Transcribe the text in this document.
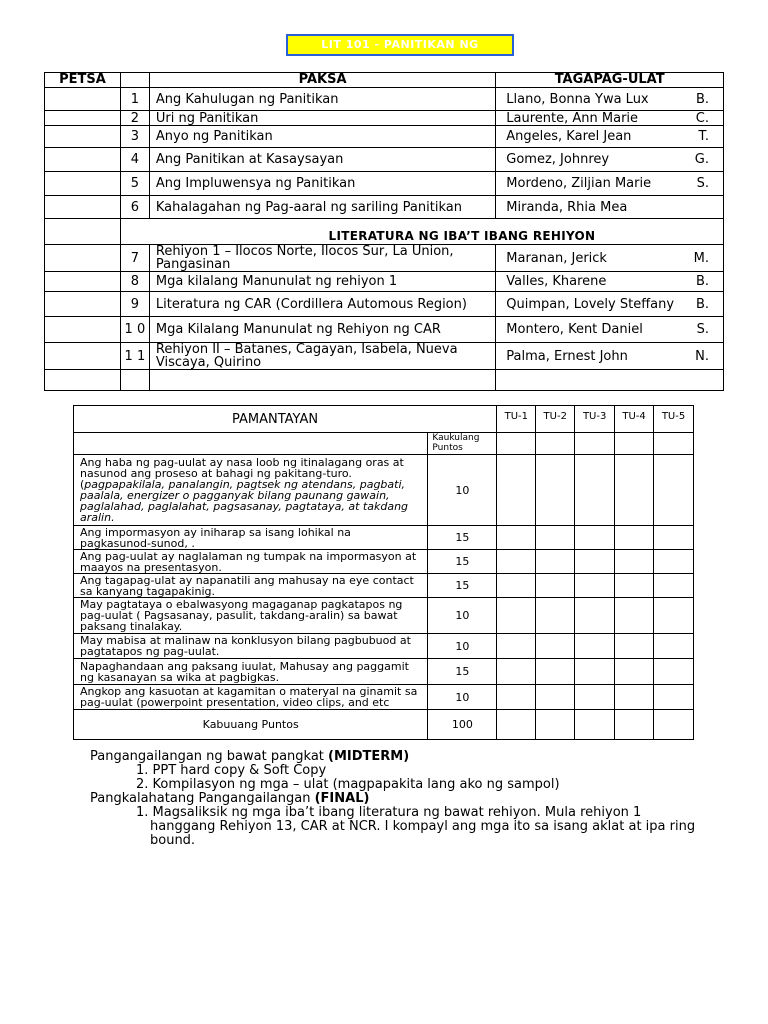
LIT 101 - PANITIKAN NG
PETSA		PAKSA	TAGAPAG-ULAT
	1	Ang Kahulugan ng Panitikan	Llano, Bonna Ywa Lux B.

	2	Uri ng Panitikan	Laurente, Ann Marie C.

	3	Anyo ng Panitikan	Angeles, Karel Jean T.

	4	Ang Panitikan at Kasaysayan	Gomez, Johnrey G.

	5	Ang Impluwensya ng Panitikan	Mordeno, Ziljian Marie S.

	6	Kahalagahan ng Pag-aaral ng sariling Panitikan	Miranda, Rhia Mea

	LITERATURA NG IBA’T IBANG REHIYON		
	7	Rehiyon 1 – Ilocos Norte, Ilocos Sur, La Union, Pangasinan	Maranan, Jerick M.

	8	Mga kilalang Manunulat ng rehiyon 1	Valles, Kharene B.

	9	Literatura ng CAR (Cordillera Automous Region)	Quimpan, Lovely Steffany B.

	1 0	Mga Kilalang Manunulat ng Rehiyon ng CAR	Montero, Kent Daniel S.

	1 1	Rehiyon II – Batanes, Cagayan, Isabela, Nueva Viscaya, Quirino	Palma, Ernest John N.

PAMANTAYAN		TU-1	TU-2	TU-3	TU-4	TU-5
	Kaukulang Puntos					
Ang haba ng pag-uulat ay nasa loob ng itinalagang oras at nasunod ang proseso at bahagi ng pakitang-turo. (pagpapakilala, panalangin, pagtsek ng atendans, pagbati, paalala, energizer o pagganyak bilang paunang gawain, paglalahad, paglalahat, pagsasanay, pagtataya, at takdang aralin.	10					
Ang impormasyon ay iniharap sa isang lohikal na pagkasunod-sunod, .	15					
Ang pag-uulat ay naglalaman ng tumpak na impormasyon at maayos na presentasyon.	15					
Ang tagapag-ulat ay napanatili ang mahusay na eye contact sa kanyang tagapakinig.	15					
May pagtataya o ebalwasyong magaganap pagkatapos ng pag-uulat ( Pagsasanay, pasulit, takdang-aralin) sa bawat paksang tinalakay.	10					
May mabisa at malinaw na konklusyon bilang pagbubuod at pagtatapos ng pag-uulat.	10					
Napaghandaan ang paksang iuulat, Mahusay ang paggamit ng kasanayan sa wika at pagbigkas.	15					
Angkop ang kasuotan at kagamitan o materyal na ginamit sa pag-uulat (powerpoint presentation, video clips, and etc	10					
Kabuuang Puntos	100					
Pangangailangan ng bawat pangkat (MIDTERM)
1. PPT hard copy & Soft Copy
2. Kompilasyon ng mga – ulat (magpapakita lang ako ng sampol)
Pangkalahatang Pangangailangan (FINAL)
1. Magsaliksik ng mga iba’t ibang literatura ng bawat rehiyon. Mula rehiyon 1 hanggang Rehiyon 13, CAR at NCR. I kompayl ang mga ito sa isang aklat at ipa ring bound.
